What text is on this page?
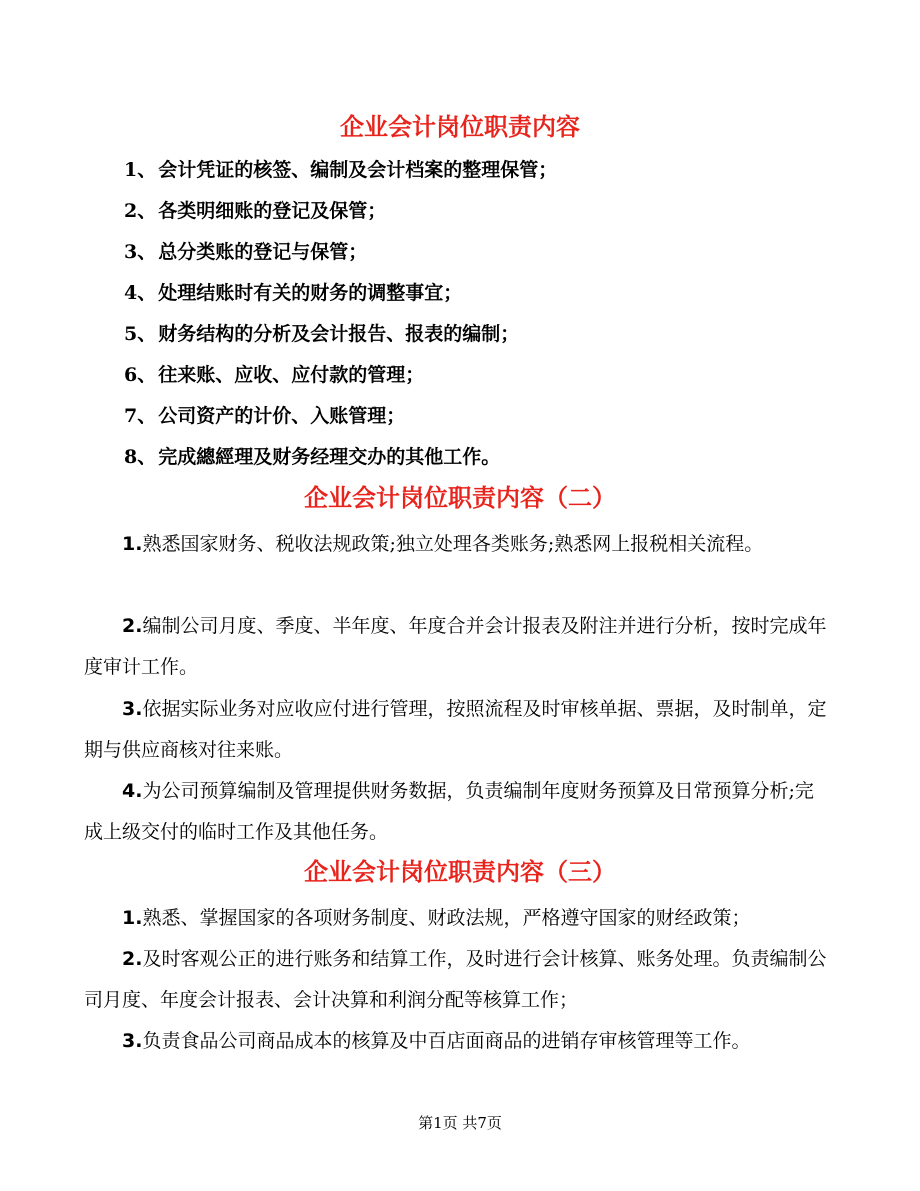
企业会计岗位职责内容
1、 会计凭证的核签、编制及会计档案的整理保管；
2、 各类明细账的登记及保管；
3、 总分类账的登记与保管；
4、 处理结账时有关的财务的调整事宜；
5、 财务结构的分析及会计报告、报表的编制；
6、 往来账、应收、应付款的管理；
7、 公司资产的计价、入账管理；
8、 完成總經理及财务经理交办的其他工作。
企业会计岗位职责内容（二）
1.熟悉国家财务、税收法规政策;独立处理各类账务;熟悉网上报税相关流程。
2.编制公司月度、季度、半年度、年度合并会计报表及附注并进行分析，按时完成年度审计工作。
3.依据实际业务对应收应付进行管理，按照流程及时审核单据、票据，及时制单，定期与供应商核对往来账。
4.为公司预算编制及管理提供财务数据，负责编制年度财务预算及日常预算分析;完成上级交付的临时工作及其他任务。
企业会计岗位职责内容（三）
1.熟悉、掌握国家的各项财务制度、财政法规，严格遵守国家的财经政策；
2.及时客观公正的进行账务和结算工作，及时进行会计核算、账务处理。负责编制公司月度、年度会计报表、会计决算和利润分配等核算工作；
3.负责食品公司商品成本的核算及中百店面商品的进销存审核管理等工作。
第1页 共7页
